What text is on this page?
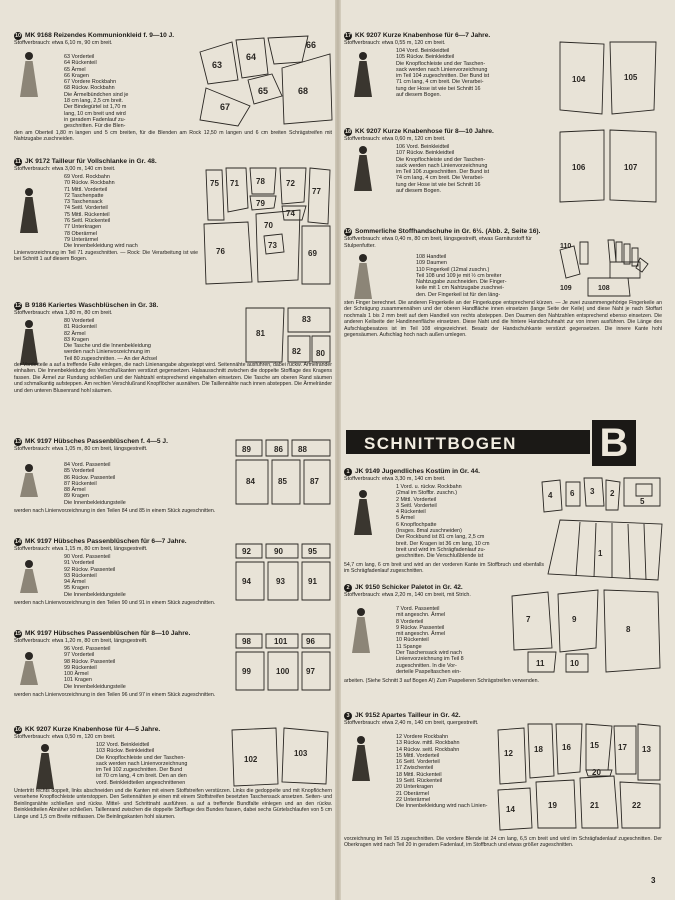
10 MK 9168 Reizendes Kommunionkleid f. 9—10 J.
Stoffverbrauch: etwa 6,10 m, 90 cm breit.
63 Vorderteil
64 Rückenteil
65 Ärmel
66 Kragen
67 Vordere Rockbahn
68 Rückw. Rockbahn
Die Ärmelbündchen sind je
18 cm lang, 2,5 cm breit.
Der Bindegürtel ist 1,70 m
lang, 10 cm breit und wird
in geradem Fadenlauf zu-
geschnitten. Für die Blen-
den am Oberteil 1,80 m langen und 5 cm breiten, für die Blenden am Rock 12,50 m langen und 6 cm breiten Schrägstreifen mit Nahtzugabe zuschneiden.
63
64
65
66
67
68
11 JK 9172 Tailleur für Vollschlanke in Gr. 48.
Stoffverbrauch: etwa 3,00 m, 140 cm breit.
69 Vord. Rockbahn
70 Rückw. Rockbahn
71 Mittl. Vorderteil
72 Taschenpatte
73 Taschensack
74 Seitl. Vorderteil
75 Mittl. Rückenteil
76 Seitl. Rückenteil
77 Unterkragen
78 Oberärmel
79 Unterärmel
Die Innenbekleidung wird nach
Linienvorzeichnung im Teil 71 zugeschnitten. — Rock: Die Verarbeitung ist wie bei Schnitt 1 auf diesem Bogen.
75 71 78	72
77
76
70
73
69
79
74
12 B 9186 Kariertes Waschblüschen in Gr. 38.
Stoffverbrauch: etwa 1,80 m, 80 cm breit.
80 Vorderteil
81 Rückenteil
82 Ärmel
83 Kragen
Die Tasche und die Innenbekleidung
werden nach Linienvorzeichnung im
Teil 80 zugeschnitten. — An der Achsel
der Vorderteile a auf a treffende Falte einlegen, die nach Linienangabe abgesteppt wird. Seitennähte ausführen, dabei rückw. Ärmelränder einhalten. Die Innenbekleidung des Verschlußkanten verstürzt gegensetzen. Halsausschnitt zwischen die doppelte Stofflage des Kragens fassen. Die Ärmel zur Rundung schließen und der Nahtzahl entsprechend eingehalten einsetzen. Die Tasche am oberen Rand säumen und schmalkantig aufsteppen. Am rechten Verschlußrand Knopflöcher ausnähen. Die Taillennähte nach innen absteppen. Die Ärmelränder und den unteren Blusenrand hohl säumen.
81
83
82 80
13 MK 9197 Hübsches Passenblüschen f. 4—5 J.
Stoffverbrauch: etwa 1,05 m, 80 cm breit, längsgestreift.
84 Vord. Passenteil
85 Vorderteil
86 Rückw. Passenteil
87 Rückenteil
88 Ärmel
89 Kragen
Die Innenbekleidungsteile
werden nach Linienvorzeichnung in den Teilen 84 und 85 in einem Stück zugeschnitten.
86 88
89
84	85	87
14 MK 9197 Hübsches Passenblüschen für 6—7 Jahre.
Stoffverbrauch: etwa 1,15 m, 80 cm breit, längsgestreift.
90 Vord. Passenteil
91 Vorderteil
92 Rückw. Passenteil
93 Rückenteil
94 Ärmel
95 Kragen
Die Innenbekleidungsteile
werden nach Linienvorzeichnung in den Teilen 90 und 91 in einem Stück zugeschnitten.
92	90	95
94	93	91
15 MK 9197 Hübsches Passenblüschen für 8—10 Jahre.
Stoffverbrauch: etwa 1,20 m, 80 cm breit, längsgestreift.
96 Vord. Passenteil
97 Vorderteil
98 Rückw. Passenteil
99 Rückenteil
100 Ärmel
101 Kragen
Die Innenbekleidungsteile
werden nach Linienvorzeichnung in den Teilen 96 und 97 in einem Stück zugeschnitten.
98	101 96
99	100 97
16 KK 9207 Kurze Knabenhose für 4—5 Jahre.
Stoffverbrauch: etwa 0,50 m, 120 cm breit.
102 Vord. Beinkleidteil
103 Rückw. Beinkleidteil
Die Knopflochleiste und der Taschen-
sack werden nach Linienvorzeichnung
im Teil 102 zugeschnitten. Der Bund
ist 70 cm lang, 4 cm breit. Den an den
vord. Beinkleidteilen angeschnittenen
Untertritt rechts doppelt, links abschneiden und die Kanten mit einem Stoffstreifen verstürzen. Links die gedoppelte und mit Knopflöchern versehene Knopflochleiste unterstoppen. Den Seitennähten je einen mit einem Stoffstreifen besetzten Taschensack ansetzen. Seiten- und Beinlingsnähte schließen und rückw. Mittel- und Schrittnaht ausführen. a auf a treffende Bundfalte einlegen und an den rückw. Beinkleidteilen Abnäher schließen. Taillenrand zwischen die doppelte Stofflage des Bundes fassen, dabei sechs Gürtelschlaufen von 5 cm Länge und 1,5 cm Breite mitfassen. Die Beinlingskanten hohl säumen.
102
103
17 KK 9207 Kurze Knabenhose für 6—7 Jahre.
Stoffverbrauch: etwa 0,55 m, 120 cm breit.
104 Vord. Beinkleidteil
105 Rückw. Beinkleidteil
Die Knopflochleiste und der Taschen-
sack werden nach Linienvorzeichnung
im Teil 104 zugeschnitten. Der Bund ist
71 cm lang, 4 cm breit. Die Verarbei-
tung der Hose ist wie bei Schnitt 16
auf diesem Bogen.
104	105
18 KK 9207 Kurze Knabenhose für 8—10 Jahre.
Stoffverbrauch: etwa 0,60 m, 120 cm breit.
106 Vord. Beinkleidteil
107 Rückw. Beinkleidteil
Die Knopflochleiste und der Taschen-
sack werden nach Linienvorzeichnung
im Teil 106 zugeschnitten. Der Bund ist
74 cm lang, 4 cm breit. Die Verarbei-
tung der Hose ist wie bei Schnitt 16
auf diesem Bogen.
106	107
19 Sommerliche Stoffhandschuhe in Gr. 6½. (Abb. 2, Seite 16).
Stoffverbrauch: etwa 0,40 m, 80 cm breit, längsgestreift, etwas Garniturstoff für Stulpenfutter.
108 Handteil
109 Daumen
110 Fingerkeil (12mal zuschn.)
Teil 108 und 109 je mit ½ cm breiter
Nahtzugabe zuschneiden. Die Finger-
keile mit 1 cm Nahtzugabe zuschnei-
den. Der Fingerkeil ist für den läng-
sten Finger berechnet. Die anderen Fingerkeile an der Fingerkuppe entsprechend kürzen. — Je zwei zusammengehörige Fingerkeile an der Schrägung zusammennähen und der oberen Handfläche innen einsetzen (lange Seite der Keile) und diese Naht je nach Stoffart nochmals 1 bis 2 mm breit auf dem Handteil von rechts absteppen. Den Daumen den Nahtzahlen entsprechend ebenso einsetzen. Die anderen Keilseite der Handinnenfläche einsetzen. Diese Naht und die hintere Handschuhnaht zur von innen ausführen. Die Länge des Aufschlagbesatzes ist im Teil 108 eingezeichnet. Besatz der Handschuhkante verstürzt gegensetzen. Die innere Kante hohl gegensäumen. Aufschlag hoch nach außen umlegen.
110
109	108
SCHNITTBOGEN B
1 JK 9149 Jugendliches Kostüm in Gr. 44.
Stoffverbrauch: etwa 3,30 m, 140 cm breit.
1 Vord. u. rückw. Rockbahn
(2mal im Stoffbr. zuschn.)
2 Mittl. Vorderteil
3 Seitl. Vorderteil
4 Rückenteil
5 Ärmel
6 Knopflochpatte
(Insges. 8mal zuschneiden)
Der Rockbund ist 81 cm lang, 2,5 cm
breit. Der Kragen ist 36 cm lang, 10 cm
breit und wird im Schrägfadenlauf zu-
geschnitten. Die Verschlußblende ist
54,7 cm lang, 6 cm breit und wird an der vorderen Kante im Stoffbruch und ebenfalls im Schrägfadenlauf zugeschnitten.
4 6 3 2
5
1
2 JK 9150 Schicker Paletot in Gr. 42.
Stoffverbrauch: etwa 2,20 m, 140 cm breit, mit Strich.
7 Vord. Passenteil
mit angeschn. Ärmel
8 Vorderteil
9 Rückw. Passenteil
mit angeschn. Ärmel
10 Rückenteil
11 Spange
Der Taschensack wird nach
Linienvorzeichnung im Teil 8
zugeschnitten. In die Vor-
derteile Paspeltaschen ein-
arbeiten. (Siehe Schnitt 3 auf Bogen A!) Zum Paspelieren Schrägstreifen verwenden.
7	9
8
10
11
3 JK 9152 Apartes Tailleur in Gr. 42.
Stoffverbrauch: etwa 2,40 m, 140 cm breit, quergestreift.
12 Vordere Rockbahn
13 Rückw. mittl. Rockbahn
14 Rückw. seitl. Rockbahn
15 Mittl. Vorderteil
16 Seitl. Vorderteil
17 Zwischenteil
18 Mittl. Rückenteil
19 Seitl. Rückenteil
20 Unterkragen
21 Oberärmel
22 Unterärmel
Die Innenbekleidung wird nach Linien-
vorzeichnung im Teil 15 zugeschnitten. Die vordere Blende ist 24 cm lang, 6,5 cm breit und wird im Schrägfadenlauf zugeschnitten. Der Oberkragen wird nach Teil 20 in geradem Fadenlauf, im Stoffbruch und etwas größer zugeschnitten.
12	18 16 15 17 13
14	19	21	22
20
3
